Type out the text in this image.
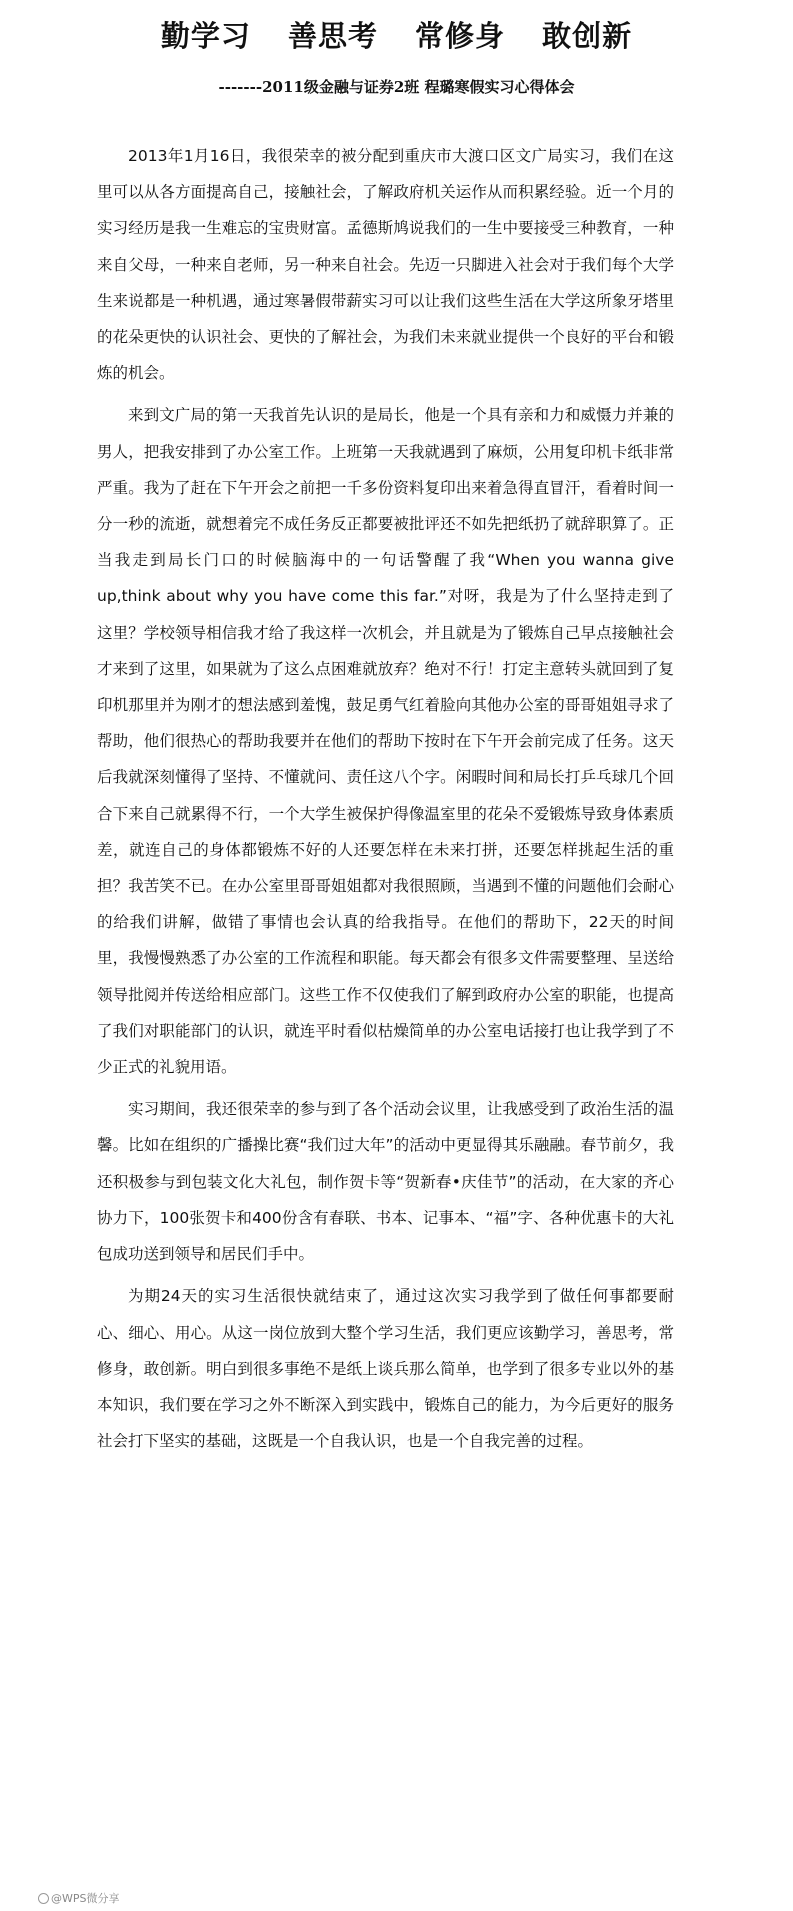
勤学习 善思考 常修身 敢创新
-------2011级金融与证券2班 程璐寒假实习心得体会

2013年1月16日，我很荣幸的被分配到重庆市大渡口区文广局实习，我们在这里可以从各方面提高自己，接触社会，了解政府机关运作从而积累经验。近一个月的实习经历是我一生难忘的宝贵财富。孟德斯鸠说我们的一生中要接受三种教育，一种来自父母，一种来自老师，另一种来自社会。先迈一只脚进入社会对于我们每个大学生来说都是一种机遇，通过寒暑假带薪实习可以让我们这些生活在大学这所象牙塔里的花朵更快的认识社会、更快的了解社会，为我们未来就业提供一个良好的平台和锻炼的机会。

来到文广局的第一天我首先认识的是局长，他是一个具有亲和力和威慑力并兼的男人，把我安排到了办公室工作。上班第一天我就遇到了麻烦，公用复印机卡纸非常严重。我为了赶在下午开会之前把一千多份资料复印出来着急得直冒汗，看着时间一分一秒的流逝，就想着完不成任务反正都要被批评还不如先把纸扔了就辞职算了。正当我走到局长门口的时候脑海中的一句话警醒了我“When you wanna give up,think about why you have come this far.”对呀，我是为了什么坚持走到了这里？学校领导相信我才给了我这样一次机会，并且就是为了锻炼自己早点接触社会才来到了这里，如果就为了这么点困难就放弃？绝对不行！打定主意转头就回到了复印机那里并为刚才的想法感到羞愧，鼓足勇气红着脸向其他办公室的哥哥姐姐寻求了帮助，他们很热心的帮助我要并在他们的帮助下按时在下午开会前完成了任务。这天后我就深刻懂得了坚持、不懂就问、责任这八个字。闲暇时间和局长打乒乓球几个回合下来自己就累得不行，一个大学生被保护得像温室里的花朵不爱锻炼导致身体素质差，就连自己的身体都锻炼不好的人还要怎样在未来打拼，还要怎样挑起生活的重担？我苦笑不已。在办公室里哥哥姐姐都对我很照顾，当遇到不懂的问题他们会耐心的给我们讲解，做错了事情也会认真的给我指导。在他们的帮助下，22天的时间里，我慢慢熟悉了办公室的工作流程和职能。每天都会有很多文件需要整理、呈送给领导批阅并传送给相应部门。这些工作不仅使我们了解到政府办公室的职能，也提高了我们对职能部门的认识，就连平时看似枯燥简单的办公室电话接打也让我学到了不少正式的礼貌用语。

实习期间，我还很荣幸的参与到了各个活动会议里，让我感受到了政治生活的温馨。比如在组织的广播操比赛“我们过大年”的活动中更显得其乐融融。春节前夕，我还积极参与到包装文化大礼包，制作贺卡等“贺新春•庆佳节”的活动，在大家的齐心协力下，100张贺卡和400份含有春联、书本、记事本、“福”字、各种优惠卡的大礼包成功送到领导和居民们手中。

为期24天的实习生活很快就结束了，通过这次实习我学到了做任何事都要耐心、细心、用心。从这一岗位放到大整个学习生活，我们更应该勤学习，善思考，常修身，敢创新。明白到很多事绝不是纸上谈兵那么简单，也学到了很多专业以外的基本知识，我们要在学习之外不断深入到实践中，锻炼自己的能力，为今后更好的服务社会打下坚实的基础，这既是一个自我认识，也是一个自我完善的过程。

@WPS微分享
